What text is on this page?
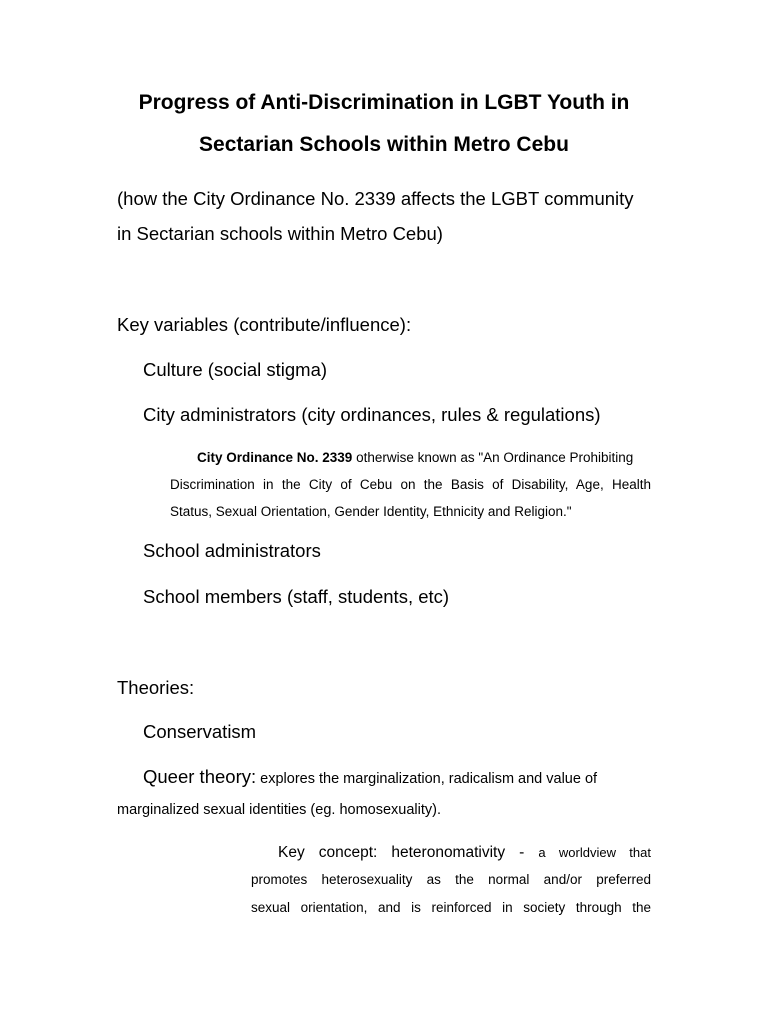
Progress of Anti-Discrimination in LGBT Youth in
Sectarian Schools within Metro Cebu

(how the City Ordinance No. 2339 affects the LGBT community

in Sectarian schools within Metro Cebu)

Key variables (contribute/influence):

Culture (social stigma)

City administrators (city ordinances, rules & regulations)

City Ordinance No. 2339 otherwise known as "An Ordinance Prohibiting

Discrimination in the City of Cebu on the Basis of Disability, Age, Health

Status, Sexual Orientation, Gender Identity, Ethnicity and Religion."

School administrators

School members (staff, students, etc)

Theories:

Conservatism

Queer theory: explores the marginalization, radicalism and value of

marginalized sexual identities (eg. homosexuality).

Key concept: heteronomativity - a worldview that

promotes heterosexuality as the normal and/or preferred

sexual orientation, and is reinforced in society through the
